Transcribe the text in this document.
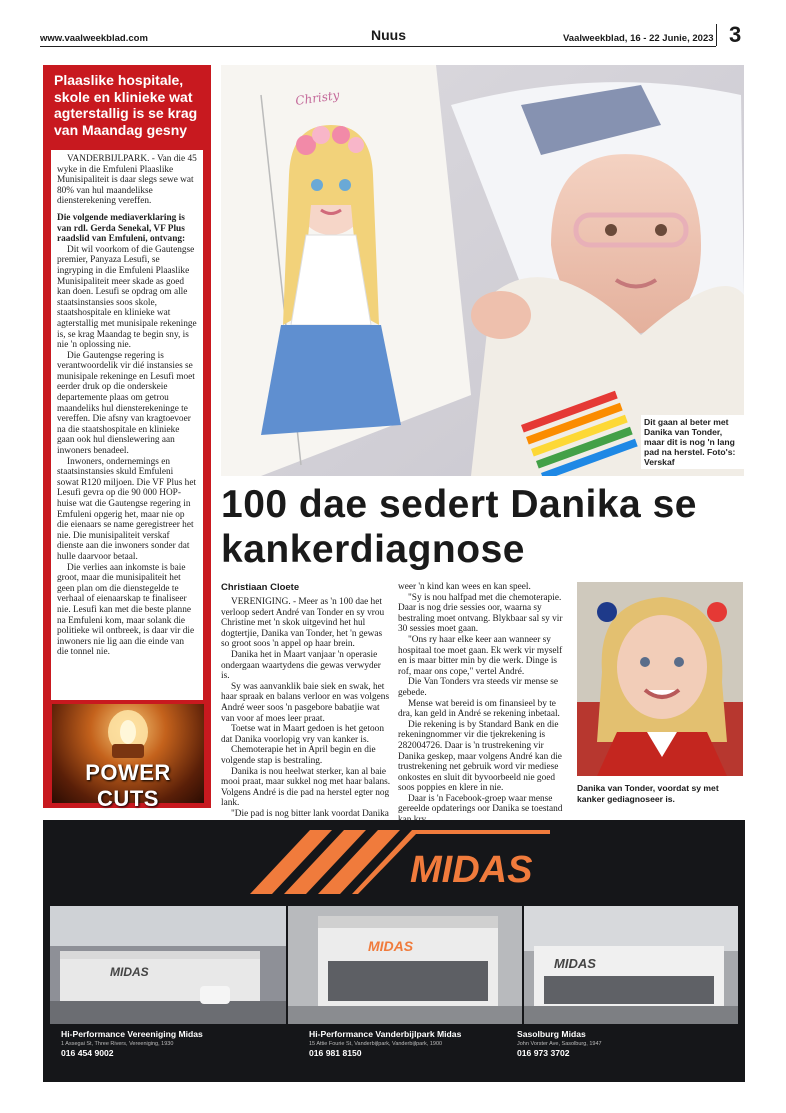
www.vaalweekblad.com	Nuus	Vaalweekblad, 16 - 22 Junie, 2023 3
Plaaslike hospitale, skole en klinieke wat agterstallig is se krag van Maandag gesny

VANDERBIJLPARK. - Van die 45 wyke in die Emfuleni Plaaslike Munisipaliteit is daar slegs sewe wat 80% van hul maandelikse diensterekening vereffen.

Die volgende mediaverklaring is van rdl. Gerda Senekal, VF Plus raadslid van Emfuleni, ontvang:

Dit wil voorkom of die Gautengse premier, Panyaza Lesufi, se ingryping in die Emfuleni Plaaslike Munisipaliteit meer skade as goed kan doen. Lesufi se opdrag om alle staatsinstansies soos skole, staatshospitale en klinieke wat agterstallig met munisipale rekeninge is, se krag Maandag te begin sny, is nie 'n oplossing nie.

Die Gautengse regering is verantwoordelik vir dié instansies se munisipale rekeninge en Lesufi moet eerder druk op die onderskeie departemente plaas om getrou maandeliks hul diensterekeninge te vereffen. Die afsny van kragtoevoer na die staatshospitale en klinieke gaan ook hul dienslewering aan inwoners benadeel.

Inwoners, ondernemings en staatsinstansies skuld Emfuleni sowat R120 miljoen. Die VF Plus het Lesufi gevra op die 90 000 HOP-huise wat die Gautengse regering in Emfuleni opgerig het, maar nie op die eienaars se name geregistreer het nie. Die munisipaliteit verskaf dienste aan die inwoners sonder dat hulle daarvoor betaal.

Die verlies aan inkomste is baie groot, maar die munisipaliteit het geen plan om die dienstegelde te verhaal of eienaarskap te finaliseer nie. Lesufi kan met die beste planne na Emfuleni kom, maar solank die politieke wil ontbreek, is daar vir die inwoners nie lig aan die einde van die tonnel nie.

POWER CUTS
Christy
Dit gaan al beter met Danika van Tonder, maar dit is nog 'n lang pad na herstel. Foto's: Verskaf
100 dae sedert Danika se kankerdiagnose
Christiaan Cloete

VERENIGING. - Meer as 'n 100 dae het verloop sedert André van Tonder en sy vrou Christine met 'n skok uitgevind het hul dogtertjie, Danika van Tonder, het 'n gewas so groot soos 'n appel op haar brein.

Danika het in Maart vanjaar 'n operasie ondergaan waartydens die gewas verwyder is.

Sy was aanvanklik baie siek en swak, het haar spraak en balans verloor en was volgens André weer soos 'n pasgebore babatjie wat van voor af moes leer praat.

Toetse wat in Maart gedoen is het getoon dat Danika voorlopig vry van kanker is.

Chemoterapie het in April begin en die volgende stap is bestraling.

Danika is nou heelwat sterker, kan al baie mooi praat, maar sukkel nog met haar balans. Volgens André is die pad na herstel egter nog lank.

"Die pad is nog bitter lank voordat Danika

weer 'n kind kan wees en kan speel.

"Sy is nou halfpad met die chemoterapie. Daar is nog drie sessies oor, waarna sy bestraling moet ontvang. Blykbaar sal sy vir 30 sessies moet gaan.

"Ons ry haar elke keer aan wanneer sy hospitaal toe moet gaan. Ek werk vir myself en is maar bitter min by die werk. Dinge is rof, maar ons cope," vertel André.

Die Van Tonders vra steeds vir mense se gebede.

Mense wat bereid is om finansieel by te dra, kan geld in André se rekening inbetaal.

Die rekening is by Standard Bank en die rekeningnommer vir die tjekrekening is 282004726. Daar is 'n trustrekening vir Danika geskep, maar volgens André kan die trustrekening net gebruik word vir mediese onkostes en sluit dit byvoorbeeld nie goed soos poppies en klere in nie.

Daar is 'n Facebook-groep waar mense gereelde opdaterings oor Danika se toestand

Danika van Tonder, voordat sy met kanker gediagnoseer is.
MIDAS
MIDAS
MIDAS
MIDAS
Hi-Performance Vereeniging Midas
1 Assegai St, Three Rivers, Vereeniging, 1930
016 454 9002
Hi-Performance Vanderbijlpark Midas
15 Attie Fourie St, Vanderbijlpark, Vanderbijlpark, 1900
016 981 8150
Sasolburg Midas
John Vorster Ave, Sasolburg, 1947
016 973 3702
